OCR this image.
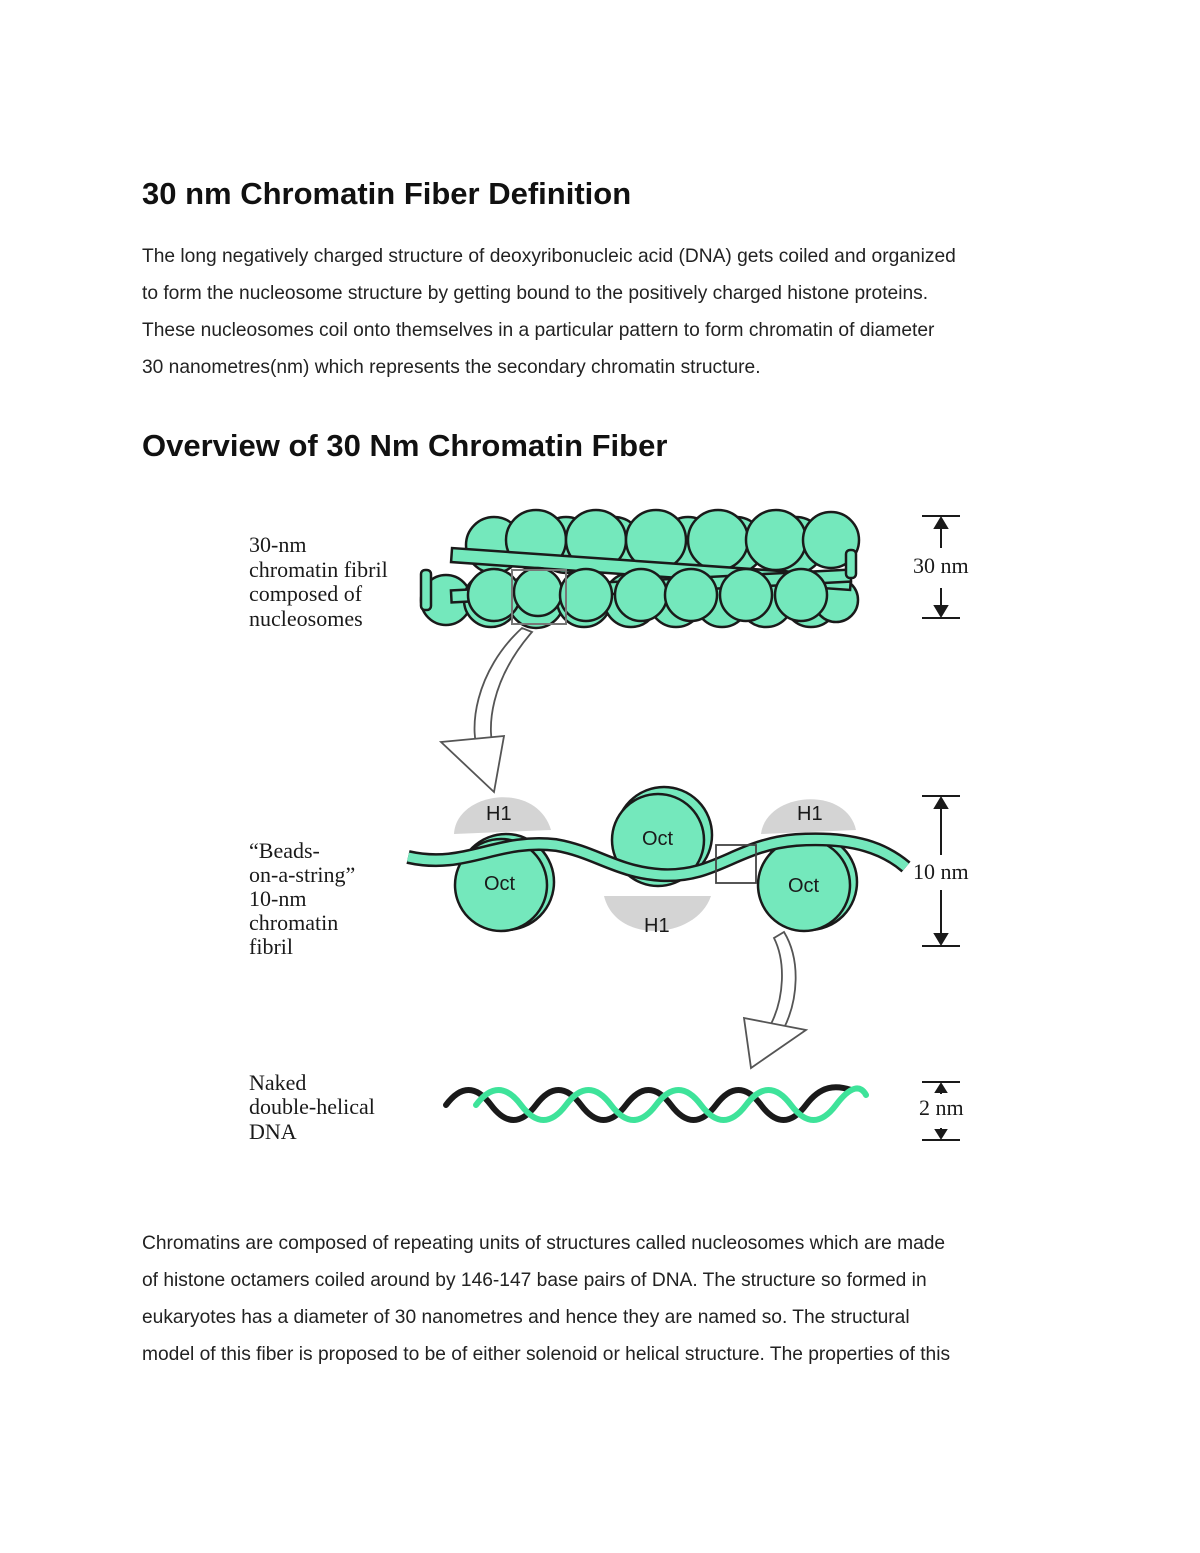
30 nm Chromatin Fiber Definition
The long negatively charged structure of deoxyribonucleic acid (DNA) gets coiled and organized
to form the nucleosome structure by getting bound to the positively charged histone proteins.
These nucleosomes coil onto themselves in a particular pattern to form chromatin of diameter
30 nanometres(nm) which represents the secondary chromatin structure.
Overview of 30 Nm Chromatin Fiber
30-nm
chromatin fibril
composed of
nucleosomes
“Beads-
on-a-string”
10-nm
chromatin
fibril
Naked
double-helical
DNA
H1
H1
H1
Oct
Oct
Oct
30 nm
10 nm
2 nm
Chromatins are composed of repeating units of structures called nucleosomes which are made
of histone octamers coiled around by 146-147 base pairs of DNA. The structure so formed in
eukaryotes has a diameter of 30 nanometres and hence they are named so. The structural
model of this fiber is proposed to be of either solenoid or helical structure. The properties of this
